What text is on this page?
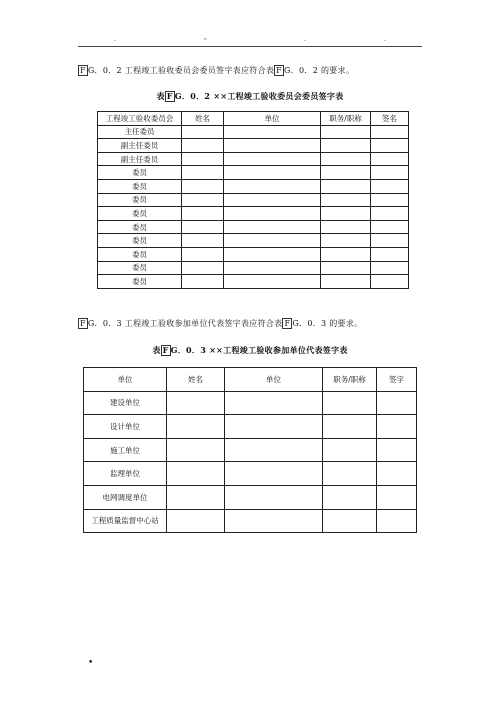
·	"	·	·
F G．0．2 工程竣工验收委员会委员签字表应符合表 F G．0．2 的要求。
表 F G．0．2 ××工程竣工验收委员会委员签字表
工程竣工验收委员会	姓名	单位	职务/职称	签名
主任委员				
副主任委员				
副主任委员				
委员				
委员				
委员				
委员				
委员				
委员				
委员				
委员				
委员				
F G．0．3 工程竣工验收参加单位代表签字表应符合表 F G．0．3 的要求。
表 F G．0．3 ××工程竣工验收参加单位代表签字表
单位	姓名	单位	职务/职称	签字
建设单位				
设计单位				
施工单位				
监理单位				
电网调度单位				
工程质量监督中心站				
•
